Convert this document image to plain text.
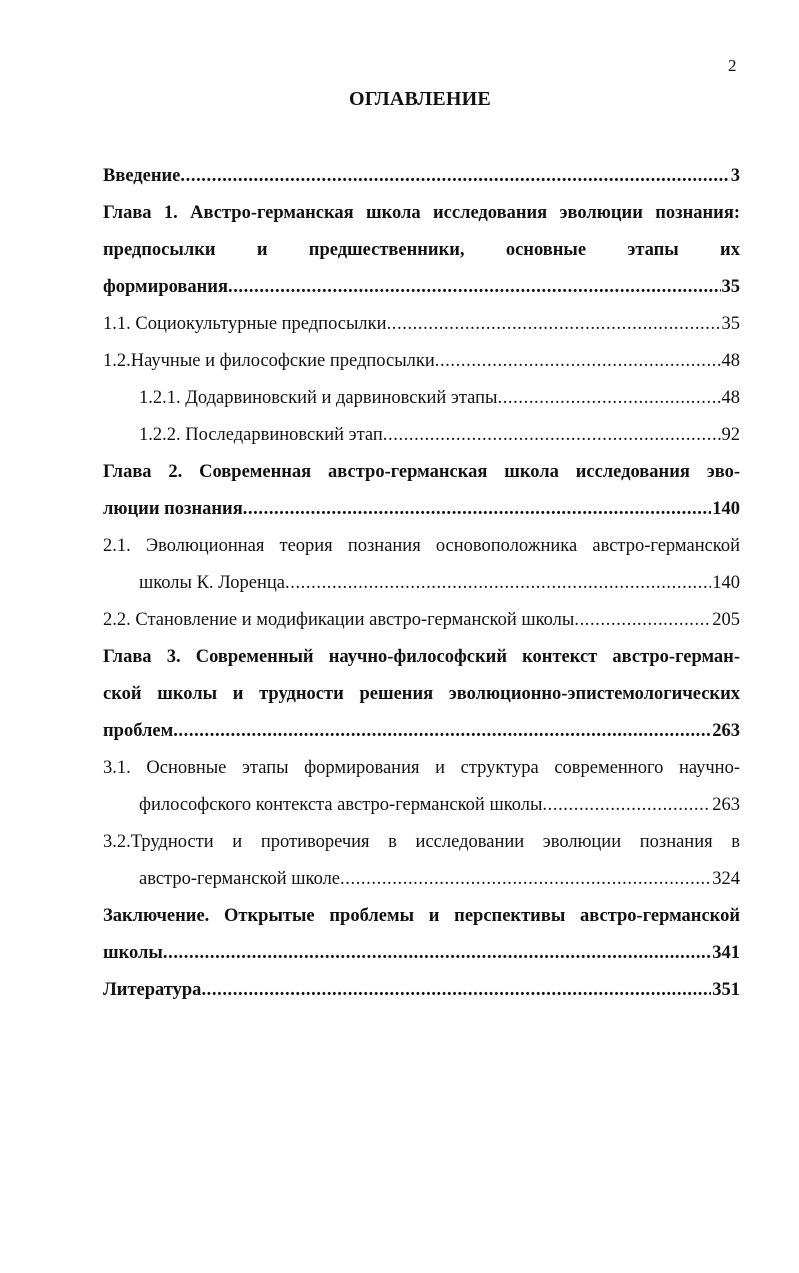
2
ОГЛАВЛЕНИЕ
Введение .....	3
Глава 1. Австро-германская школа исследования эволюции познания:
предпосылки и предшественники, основные этапы их
формирования .....	35
1.1. Социокультурные предпосылки .....	35
1.2.Научные и философские предпосылки .....	48
1.2.1. Додарвиновский и дарвиновский этапы .....	48
1.2.2. Последарвиновский этап .....	92
Глава 2. Современная австро-германская школа исследования эво-
люции познания .....	140
2.1. Эволюционная теория познания основоположника австро-германской
школы К. Лоренца .....	140
2.2. Становление и модификации австро-германской школы .....	205
Глава 3. Современный научно-философский контекст австро-герман-
ской школы и трудности решения эволюционно-эпистемологических
проблем .....	263
3.1. Основные этапы формирования и структура современного научно-
философского контекста австро-германской школы .....	263
3.2.Трудности и противоречия в исследовании эволюции познания в
австро-германской школе .....	324
Заключение. Открытые проблемы и перспективы австро-германской
школы .....	341
Литература .....	351
